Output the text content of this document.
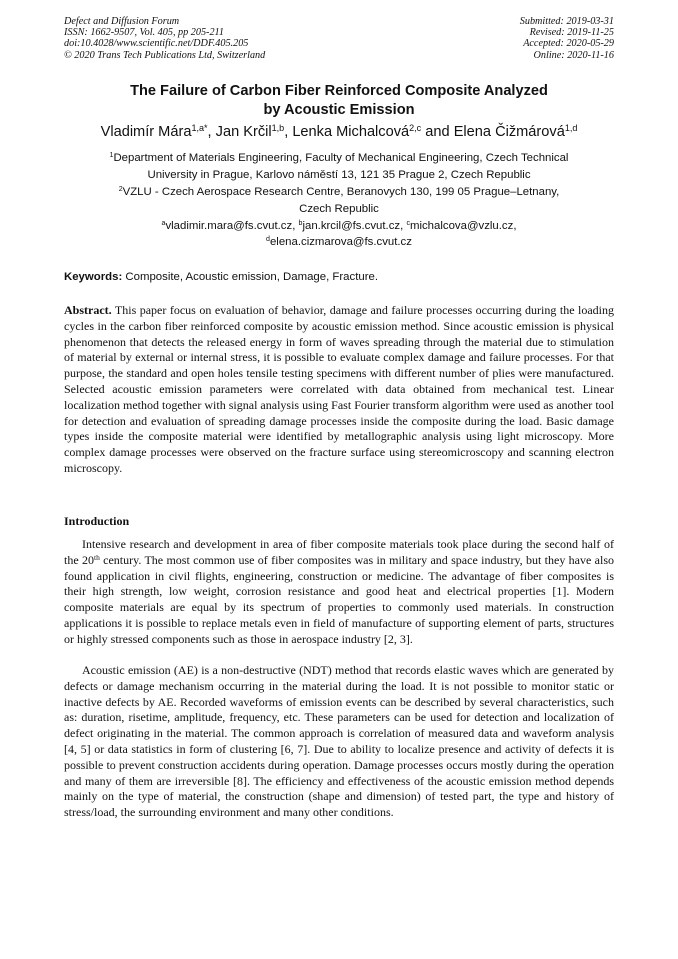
Defect and Diffusion Forum
ISSN: 1662-9507, Vol. 405, pp 205-211
doi:10.4028/www.scientific.net/DDF.405.205
© 2020 Trans Tech Publications Ltd, Switzerland
Submitted: 2019-03-31
Revised: 2019-11-25
Accepted: 2020-05-29
Online: 2020-11-16
The Failure of Carbon Fiber Reinforced Composite Analyzed
by Acoustic Emission
Vladimír Mára$^{1,a*}$, Jan Krčil$^{1,b}$, Lenka Michalcová$^{2,c}$ and Elena Čižmárová$^{1,d}$
$^1$Department of Materials Engineering, Faculty of Mechanical Engineering, Czech Technical
University in Prague, Karlovo náměstí 13, 121 35 Prague 2, Czech Republic
$^2$VZLU - Czech Aerospace Research Centre, Beranovych 130, 199 05 Prague–Letnany,
Czech Republic
$^a$vladimir.mara@fs.cvut.cz, $^b$jan.krcil@fs.cvut.cz, $^c$michalcova@vzlu.cz,
$^d$elena.cizmarova@fs.cvut.cz
Keywords: Composite, Acoustic emission, Damage, Fracture.
Abstract. This paper focus on evaluation of behavior, damage and failure processes occurring during the loading cycles in the carbon fiber reinforced composite by acoustic emission method. Since acoustic emission is physical phenomenon that detects the released energy in form of waves spreading through the material due to stimulation of material by external or internal stress, it is possible to evaluate complex damage and failure processes. For that purpose, the standard and open holes tensile testing specimens with different number of plies were manufactured. Selected acoustic emission parameters were correlated with data obtained from mechanical test. Linear localization method together with signal analysis using Fast Fourier transform algorithm were used as another tool for detection and evaluation of spreading damage processes inside the composite during the load. Basic damage types inside the composite material were identified by metallographic analysis using light microscopy. More complex damage processes were observed on the fracture surface using stereomicroscopy and scanning electron microscopy.
Introduction
Intensive research and development in area of fiber composite materials took place during the second half of the 20th century. The most common use of fiber composites was in military and space industry, but they have also found application in civil flights, engineering, construction or medicine. The advantage of fiber composites is their high strength, low weight, corrosion resistance and good heat and electrical properties [1]. Modern composite materials are equal by its spectrum of properties to commonly used materials. In construction applications it is possible to replace metals even in field of manufacture of supporting element of parts, structures or highly stressed components such as those in aerospace industry [2, 3].
Acoustic emission (AE) is a non-destructive (NDT) method that records elastic waves which are generated by defects or damage mechanism occurring in the material during the load. It is not possible to monitor static or inactive defects by AE. Recorded waveforms of emission events can be described by several characteristics, such as: duration, risetime, amplitude, frequency, etc. These parameters can be used for detection and localization of defect originating in the material. The common approach is correlation of measured data and waveform analysis [4, 5] or data statistics in form of clustering [6, 7]. Due to ability to localize presence and activity of defects it is possible to prevent construction accidents during operation. Damage processes occurs mostly during the operation and many of them are irreversible [8]. The efficiency and effectiveness of the acoustic emission method depends mainly on the type of material, the construction (shape and dimension) of tested part, the type and history of stress/load, the surrounding environment and many other conditions.
